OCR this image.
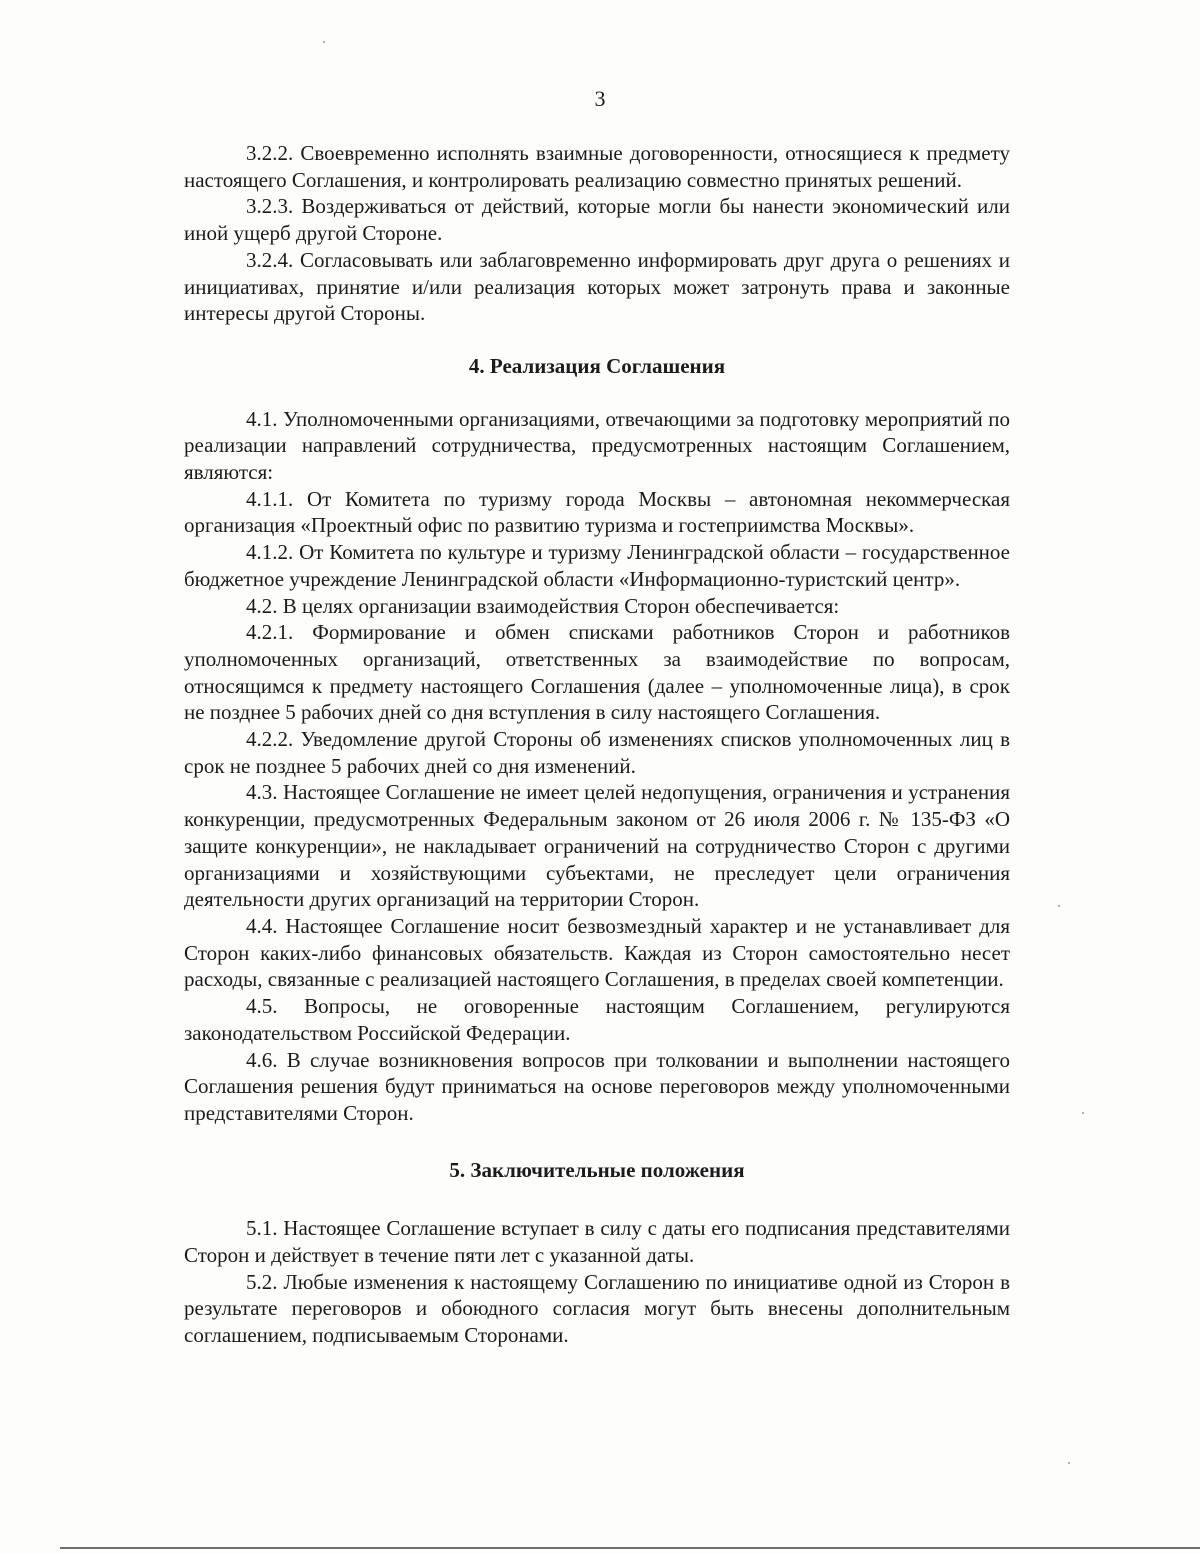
3

3.2.2. Своевременно исполнять взаимные договоренности, относящиеся к предмету настоящего Соглашения, и контролировать реализацию совместно принятых решений.

3.2.3. Воздерживаться от действий, которые могли бы нанести экономический или иной ущерб другой Стороне.

3.2.4. Согласовывать или заблаговременно информировать друг друга о решениях и инициативах, принятие и/или реализация которых может затронуть права и законные интересы другой Стороны.

4. Реализация Соглашения

4.1. Уполномоченными организациями, отвечающими за подготовку мероприятий по реализации направлений сотрудничества, предусмотренных настоящим Соглашением, являются:

4.1.1. От Комитета по туризму города Москвы – автономная некоммерческая организация «Проектный офис по развитию туризма и гостеприимства Москвы».

4.1.2. От Комитета по культуре и туризму Ленинградской области – государственное бюджетное учреждение Ленинградской области «Информационно-туристский центр».

4.2. В целях организации взаимодействия Сторон обеспечивается:

4.2.1. Формирование и обмен списками работников Сторон и работников уполномоченных организаций, ответственных за взаимодействие по вопросам, относящимся к предмету настоящего Соглашения (далее – уполномоченные лица), в срок не позднее 5 рабочих дней со дня вступления в силу настоящего Соглашения.

4.2.2. Уведомление другой Стороны об изменениях списков уполномоченных лиц в срок не позднее 5 рабочих дней со дня изменений.

4.3. Настоящее Соглашение не имеет целей недопущения, ограничения и устранения конкуренции, предусмотренных Федеральным законом от 26 июля 2006 г. № 135-ФЗ «О защите конкуренции», не накладывает ограничений на сотрудничество Сторон с другими организациями и хозяйствующими субъектами, не преследует цели ограничения деятельности других организаций на территории Сторон.

4.4. Настоящее Соглашение носит безвозмездный характер и не устанавливает для Сторон каких-либо финансовых обязательств. Каждая из Сторон самостоятельно несет расходы, связанные с реализацией настоящего Соглашения, в пределах своей компетенции.

4.5. Вопросы, не оговоренные настоящим Соглашением, регулируются законодательством Российской Федерации.

4.6. В случае возникновения вопросов при толковании и выполнении настоящего Соглашения решения будут приниматься на основе переговоров между уполномоченными представителями Сторон.

5. Заключительные положения

5.1. Настоящее Соглашение вступает в силу с даты его подписания представителями Сторон и действует в течение пяти лет с указанной даты.

5.2. Любые изменения к настоящему Соглашению по инициативе одной из Сторон в результате переговоров и обоюдного согласия могут быть внесены дополнительным соглашением, подписываемым Сторонами.
